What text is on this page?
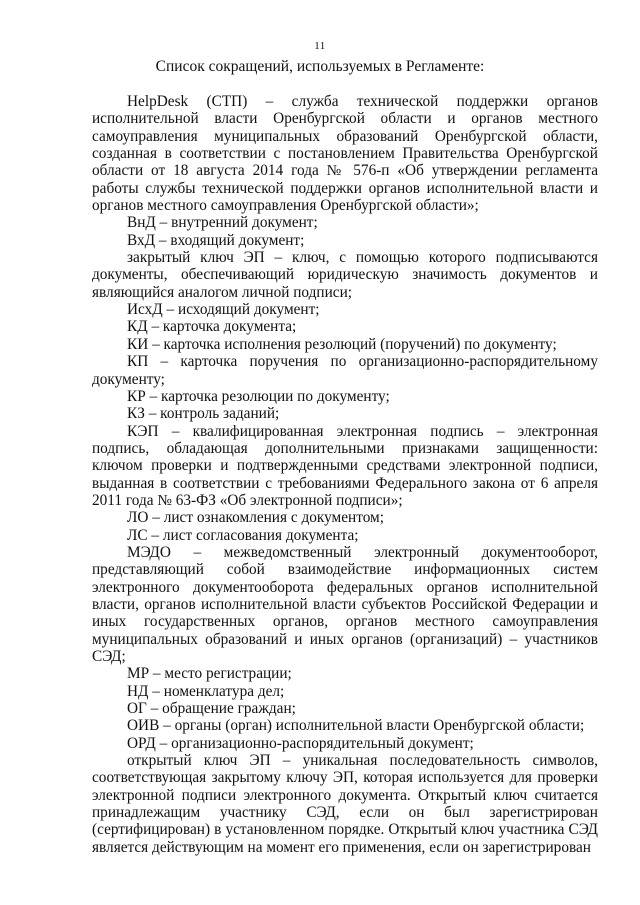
11
Список сокращений, используемых в Регламенте:

HelpDesk (СТП) – служба технической поддержки органов исполнительной власти Оренбургской области и органов местного самоуправления муниципальных образований Оренбургской области, созданная в соответствии с постановлением Правительства Оренбургской области от 18 августа 2014 года № 576-п «Об утверждении регламента работы службы технической поддержки органов исполнительной власти и органов местного самоуправления Оренбургской области»;

ВнД – внутренний документ;

ВхД – входящий документ;

закрытый ключ ЭП – ключ, с помощью которого подписываются документы, обеспечивающий юридическую значимость документов и являющийся аналогом личной подписи;

ИсхД – исходящий документ;

КД – карточка документа;

КИ – карточка исполнения резолюций (поручений) по документу;

КП – карточка поручения по организационно-распорядительному документу;

КР – карточка резолюции по документу;

КЗ – контроль заданий;

КЭП – квалифицированная электронная подпись – электронная подпись, обладающая дополнительными признаками защищенности: ключом проверки и подтвержденными средствами электронной подписи, выданная в соответствии с требованиями Федерального закона от 6 апреля 2011 года № 63-ФЗ «Об электронной подписи»;

ЛО – лист ознакомления с документом;

ЛС – лист согласования документа;

МЭДО – межведомственный электронный документооборот, представляющий собой взаимодействие информационных систем электронного документооборота федеральных органов исполнительной власти, органов исполнительной власти субъектов Российской Федерации и иных государственных органов, органов местного самоуправления муниципальных образований и иных органов (организаций) – участников СЭД;

МР – место регистрации;

НД – номенклатура дел;

ОГ – обращение граждан;

ОИВ – органы (орган) исполнительной власти Оренбургской области;

ОРД – организационно-распорядительный документ;

открытый ключ ЭП – уникальная последовательность символов, соответствующая закрытому ключу ЭП, которая используется для проверки электронной подписи электронного документа. Открытый ключ считается принадлежащим участнику СЭД, если он был зарегистрирован (сертифицирован) в установленном порядке. Открытый ключ участника СЭД является действующим на момент его применения, если он зарегистрирован
